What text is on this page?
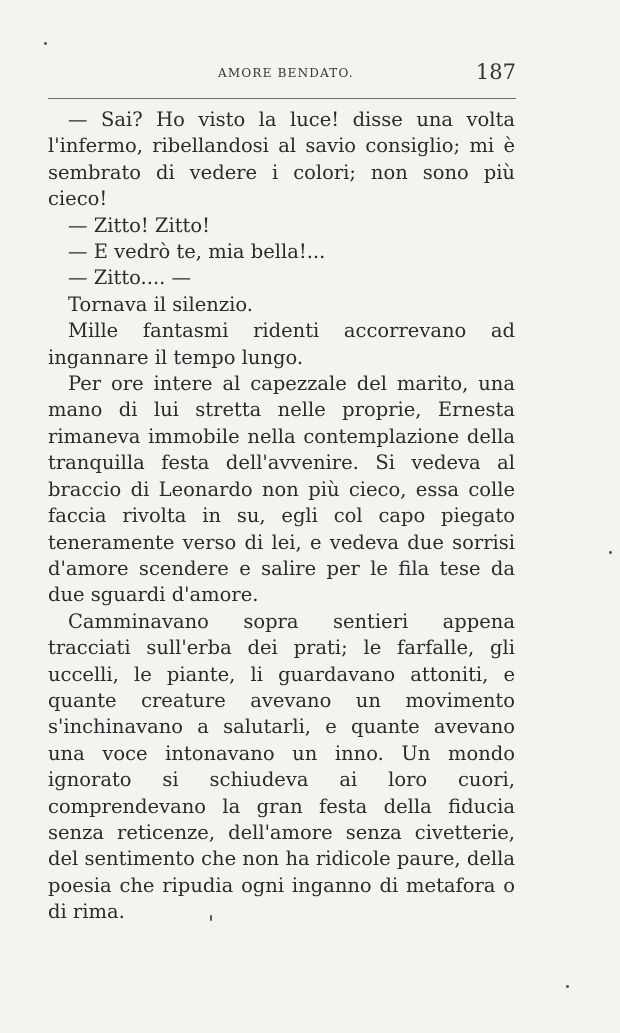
AMORE BENDATO.	187

— Sai? Ho visto la luce! disse una volta l'infermo, ribellandosi al savio consiglio; mi è sembrato di vedere i colori; non sono più cieco!

— Zitto! Zitto!

— E vedrò te, mia bella!...

— Zitto.... —

Tornava il silenzio.

Mille fantasmi ridenti accorrevano ad ingannare il tempo lungo.

Per ore intere al capezzale del marito, una mano di lui stretta nelle proprie, Ernesta rimaneva immobile nella contemplazione della tranquilla festa dell'avvenire. Si vedeva al braccio di Leonardo non più cieco, essa colle faccia rivolta in su, egli col capo piegato teneramente verso di lei, e vedeva due sorrisi d'amore scendere e salire per le fila tese da due sguardi d'amore.

Camminavano sopra sentieri appena tracciati sull'erba dei prati; le farfalle, gli uccelli, le piante, li guardavano attoniti, e quante creature avevano un movimento s'inchinavano a salutarli, e quante avevano una voce intonavano un inno. Un mondo ignorato si schiudeva ai loro cuori, comprendevano la gran festa della fiducia senza reticenze, dell'amore senza civetterie, del sentimento che non ha ridicole paure, della poesia che ripudia ogni inganno di metafora o di rima.
